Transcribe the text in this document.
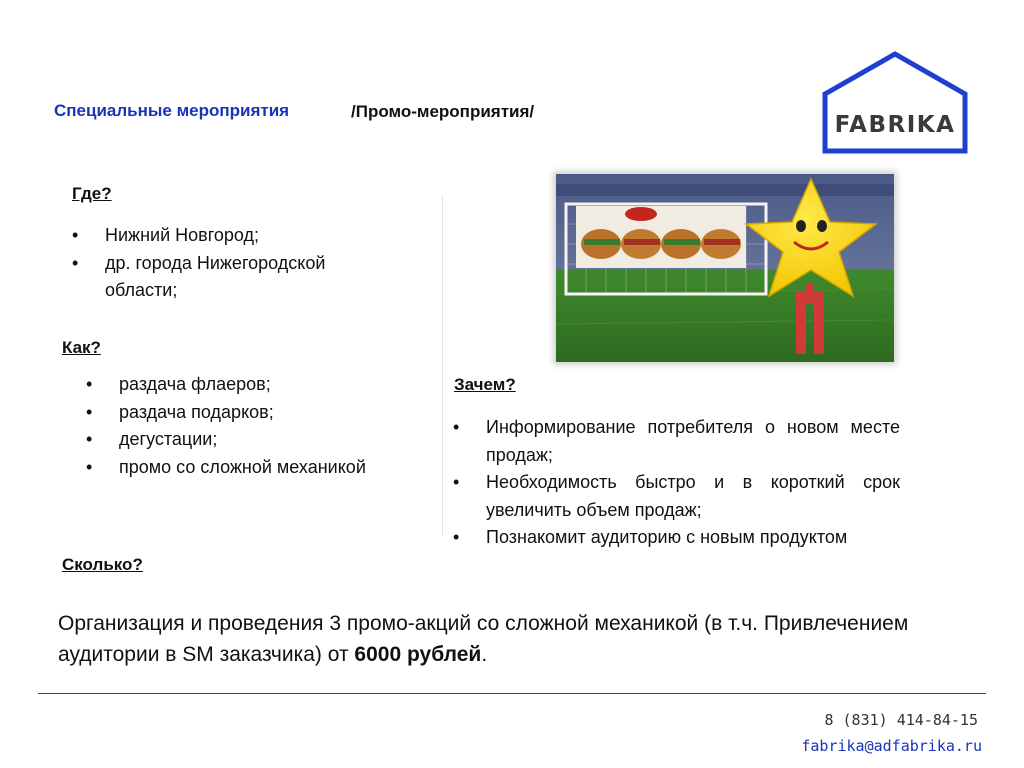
Специальные мероприятия	/Промо-мероприятия/
FABRIKA
Где?
• Нижний Новгород;
• др. города Нижегородской области;
Как?
• раздача флаеров;
• раздача подарков;
• дегустации;
• промо со сложной механикой
Сколько?
Зачем?
• Информирование потребителя о новом месте продаж;
• Необходимость быстро и в короткий срок увеличить объем продаж;
• Познакомит аудиторию с новым продуктом
Организация и проведения 3 промо-акций со сложной механикой (в т.ч. Привлечением аудитории в SM заказчика) от 6000 рублей.
8 (831) 414-84-15
fabrika@adfabrika.ru
